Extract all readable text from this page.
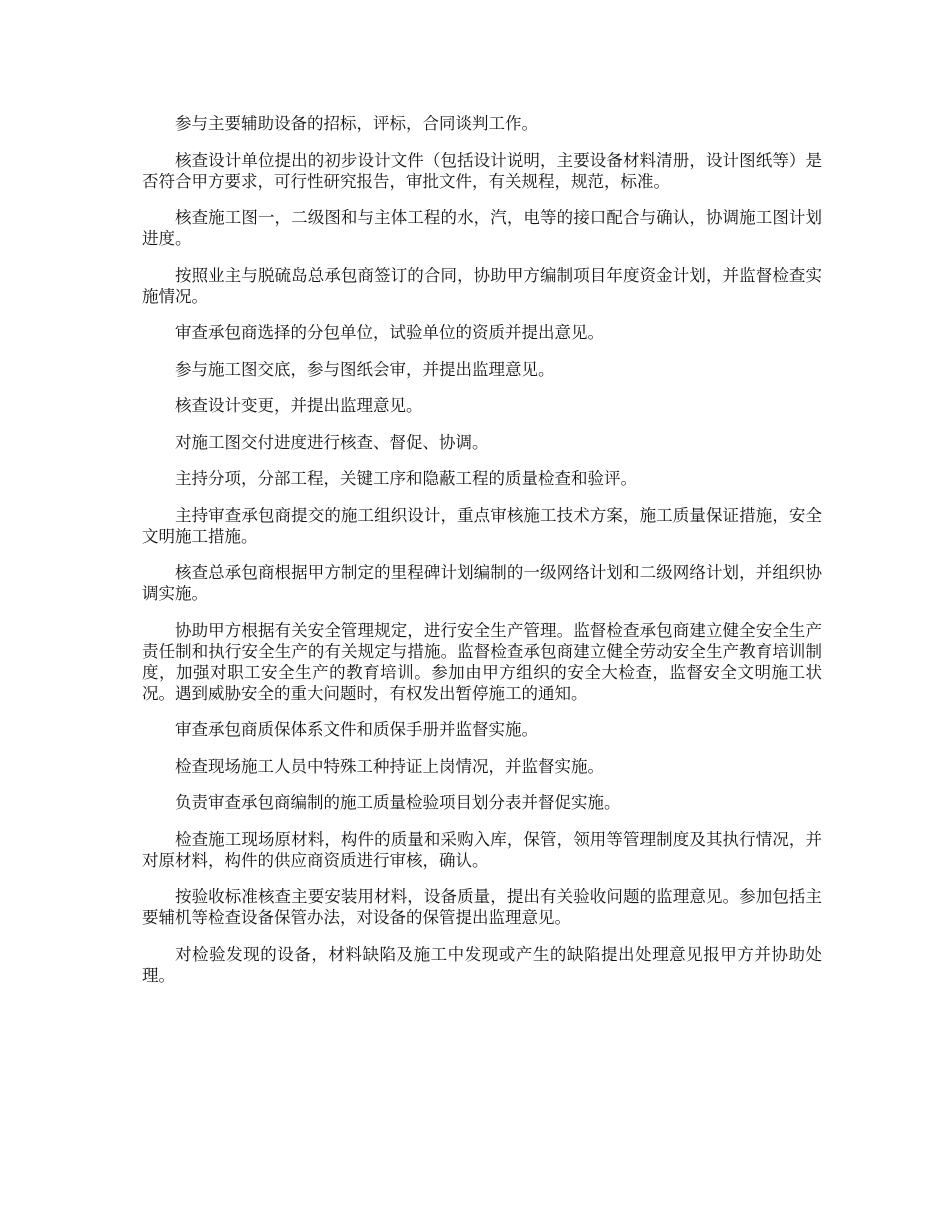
参与主要辅助设备的招标，评标，合同谈判工作。

核查设计单位提出的初步设计文件（包括设计说明，主要设备材料清册，设计图纸等）是否符合甲方要求，可行性研究报告，审批文件，有关规程，规范，标准。

核查施工图一，二级图和与主体工程的水，汽，电等的接口配合与确认，协调施工图计划进度。

按照业主与脱硫岛总承包商签订的合同，协助甲方编制项目年度资金计划，并监督检查实施情况。

审查承包商选择的分包单位，试验单位的资质并提出意见。

参与施工图交底，参与图纸会审，并提出监理意见。

核查设计变更，并提出监理意见。

对施工图交付进度进行核查、督促、协调。

主持分项，分部工程，关键工序和隐蔽工程的质量检查和验评。

主持审查承包商提交的施工组织设计，重点审核施工技术方案，施工质量保证措施，安全文明施工措施。

核查总承包商根据甲方制定的里程碑计划编制的一级网络计划和二级网络计划，并组织协调实施。

协助甲方根据有关安全管理规定，进行安全生产管理。监督检查承包商建立健全安全生产责任制和执行安全生产的有关规定与措施。监督检查承包商建立健全劳动安全生产教育培训制度，加强对职工安全生产的教育培训。参加由甲方组织的安全大检查，监督安全文明施工状况。遇到威胁安全的重大问题时，有权发出暂停施工的通知。

审查承包商质保体系文件和质保手册并监督实施。

检查现场施工人员中特殊工种持证上岗情况，并监督实施。

负责审查承包商编制的施工质量检验项目划分表并督促实施。

检查施工现场原材料，构件的质量和采购入库，保管，领用等管理制度及其执行情况，并对原材料，构件的供应商资质进行审核，确认。

按验收标准核查主要安装用材料，设备质量，提出有关验收问题的监理意见。参加包括主要辅机等检查设备保管办法，对设备的保管提出监理意见。

对检验发现的设备，材料缺陷及施工中发现或产生的缺陷提出处理意见报甲方并协助处理。
